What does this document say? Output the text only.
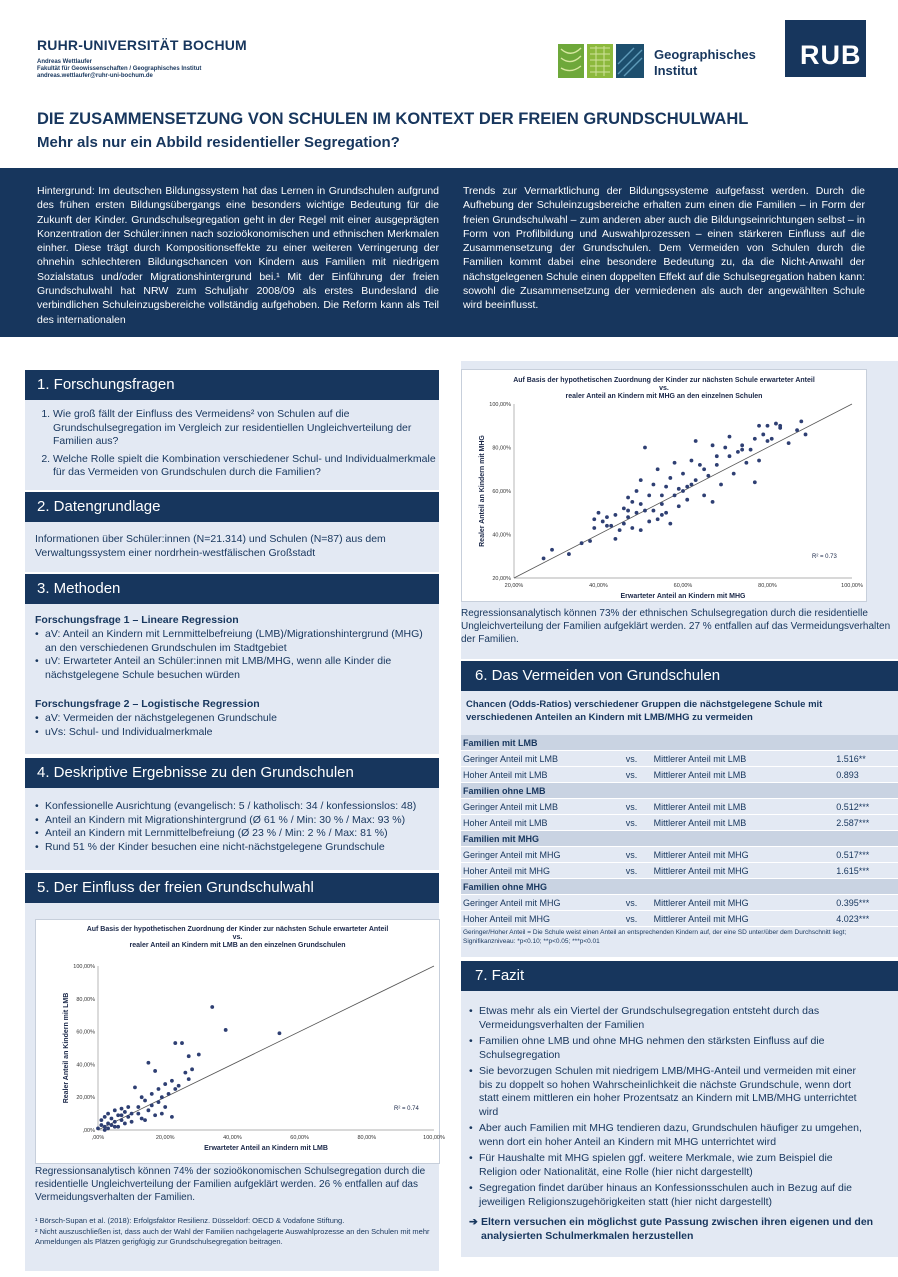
RUHR-UNIVERSITÄT BOCHUM
Andreas Wettlaufer
Fakultät für Geowissenschaften / Geographisches Institut
andreas.wettlaufer@ruhr-uni-bochum.de
Geographisches
Institut
RUB
DIE ZUSAMMENSETZUNG VON SCHULEN IM KONTEXT DER FREIEN GRUNDSCHULWAHL
Mehr als nur ein Abbild residentieller Segregation?
Hintergrund: Im deutschen Bildungssystem hat das Lernen in Grundschulen aufgrund des frühen ersten Bildungsübergangs eine besonders wichtige Bedeutung für die Zukunft der Kinder. Grundschulsegregation geht in der Regel mit einer ausgeprägten Konzentration der Schüler:innen nach sozioökonomischen und ethnischen Merkmalen einher. Diese trägt durch Kompositionseffekte zu einer weiteren Verringerung der ohnehin schlechteren Bildungschancen von Kindern aus Familien mit niedrigem Sozialstatus und/oder Migrationshintergrund bei.¹ Mit der Einführung der freien Grundschulwahl hat NRW zum Schuljahr 2008/09 als erstes Bundesland die verbindlichen Schuleinzugsbereiche vollständig aufgehoben. Die Reform kann als Teil des internationalen
Trends zur Vermarktlichung der Bildungssysteme aufgefasst werden. Durch die Aufhebung der Schuleinzugsbereiche erhalten zum einen die Familien – in Form der freien Grundschulwahl – zum anderen aber auch die Bildungseinrichtungen selbst – in Form von Profilbildung und Auswahlprozessen – einen stärkeren Einfluss auf die Zusammensetzung der Grundschulen. Dem Vermeiden von Schulen durch die Familien kommt dabei eine besondere Bedeutung zu, da die Nicht-Anwahl der nächstgelegenen Schule einen doppelten Effekt auf die Schulsegregation haben kann: sowohl die Zusammensetzung der vermiedenen als auch der angewählten Schule wird beeinflusst.
1. Forschungsfragen
1. Wie groß fällt der Einfluss des Vermeidens² von Schulen auf die Grundschulsegregation im Vergleich zur residentiellen Ungleichverteilung der Familien aus?
2. Welche Rolle spielt die Kombination verschiedener Schul- und Individualmerkmale für das Vermeiden von Grundschulen durch die Familien?
2. Datengrundlage
Informationen über Schüler:innen (N=21.314) und Schulen (N=87) aus dem Verwaltungssystem einer nordrhein-westfälischen Großstadt
3. Methoden
Forschungsfrage 1 – Lineare Regression
• aV: Anteil an Kindern mit Lernmittelbefreiung (LMB)/Migrationshintergrund (MHG) an den verschiedenen Grundschulen im Stadtgebiet
• uV: Erwarteter Anteil an Schüler:innen mit LMB/MHG, wenn alle Kinder die nächstgelegene Schule besuchen würden
Forschungsfrage 2 – Logistische Regression
• aV: Vermeiden der nächstgelegenen Grundschule
• uVs: Schul- und Individualmerkmale
4. Deskriptive Ergebnisse zu den Grundschulen
• Konfessionelle Ausrichtung (evangelisch: 5 / katholisch: 34 / konfessionslos: 48)
• Anteil an Kindern mit Migrationshintergrund (Ø 61 % / Min: 30 % / Max: 93 %)
• Anteil an Kindern mit Lernmittelbefreiung (Ø 23 % / Min: 2 % / Max: 81 %)
• Rund 51 % der Kinder besuchen eine nicht-nächstgelegene Grundschule
5. Der Einfluss der freien Grundschulwahl
Auf Basis der hypothetischen Zuordnung der Kinder zur nächsten Schule erwarteter Anteil
vs.
realer Anteil an Kindern mit LMB an den einzelnen Grundschulen
,00%	20,00%	40,00%	60,00%	80,00%	100,00%
,00%
20,00%
40,00%
60,00%
80,00%
100,00%
Erwarteter Anteil an Kindern mit LMB
Realer Anteil an Kindern mit LMB
R² = 0.74
Regressionsanalytisch können 74% der sozioökonomischen Schulsegregation durch die residentielle Ungleichverteilung der Familien aufgeklärt werden. 26 % entfallen auf das Vermeidungsverhalten der Familien.
¹ Börsch-Supan et al. (2018): Erfolgsfaktor Resilienz. Düsseldorf: OECD & Vodafone Stiftung.
² Nicht auszuschließen ist, dass auch der Wahl der Familien nachgelagerte Auswahlprozesse an den Schulen mit mehr Anmeldungen als Plätzen gerigfügig zur Grundschulsegregation beitragen.
Auf Basis der hypothetischen Zuordnung der Kinder zur nächsten Schule erwarteter Anteil
vs.
realer Anteil an Kindern mit MHG an den einzelnen Schulen
20,00%	40,00%	60,00%	80,00%	100,00%
20,00%
40,00%
60,00%
80,00%
100,00%
Erwarteter Anteil an Kindern mit MHG
Realer Anteil an Kindern mit MHG
R² = 0.73
Regressionsanalytisch können 73% der ethnischen Schulsegregation durch die residentielle Ungleichverteilung der Familien aufgeklärt werden. 27 % entfallen auf das Vermeidungsverhalten der Familien.
6. Das Vermeiden von Grundschulen
Chancen (Odds-Ratios) verschiedener Gruppen die nächstgelegene Schule mit verschiedenen Anteilen an Kindern mit LMB/MHG zu vermeiden
Familien mit LMB			
Geringer Anteil mit LMB	vs.	Mittlerer Anteil mit LMB	1.516**
Hoher Anteil mit LMB	vs.	Mittlerer Anteil mit LMB	0.893
Familien ohne LMB			
Geringer Anteil mit LMB	vs.	Mittlerer Anteil mit LMB	0.512***
Hoher Anteil mit LMB	vs.	Mittlerer Anteil mit LMB	2.587***
Familien mit MHG			
Geringer Anteil mit MHG	vs.	Mittlerer Anteil mit MHG	0.517***
Hoher Anteil mit MHG	vs.	Mittlerer Anteil mit MHG	1.615***
Familien ohne MHG			
Geringer Anteil mit MHG	vs.	Mittlerer Anteil mit MHG	0.395***
Hoher Anteil mit MHG	vs.	Mittlerer Anteil mit MHG	4.023***
Geringer/Hoher Anteil = Die Schule weist einen Anteil an entsprechenden Kindern auf, der eine SD unter/über dem Durchschnitt liegt; Signifikanzniveau: *p<0.10; **p<0.05; ***p<0.01
7. Fazit
• Etwas mehr als ein Viertel der Grundschulsegregation entsteht durch das Vermeidungsverhalten der Familien
• Familien ohne LMB und ohne MHG nehmen den stärksten Einfluss auf die Schulsegregation
• Sie bevorzugen Schulen mit niedrigem LMB/MHG-Anteil und vermeiden mit einer bis zu doppelt so hohen Wahrscheinlichkeit die nächste Grundschule, wenn dort statt einem mittleren ein hoher Prozentsatz an Kindern mit LMB/MHG unterrichtet wird
• Aber auch Familien mit MHG tendieren dazu, Grundschulen häufiger zu umgehen, wenn dort ein hoher Anteil an Kindern mit MHG unterrichtet wird
• Für Haushalte mit MHG spielen ggf. weitere Merkmale, wie zum Beispiel die Religion oder Nationalität, eine Rolle (hier nicht dargestellt)
• Segregation findet darüber hinaus an Konfessionsschulen auch in Bezug auf die jeweiligen Religionszugehörigkeiten statt (hier nicht dargestellt)
➔ Eltern versuchen ein möglichst gute Passung zwischen ihren eigenen und den analysierten Schulmerkmalen herzustellen
